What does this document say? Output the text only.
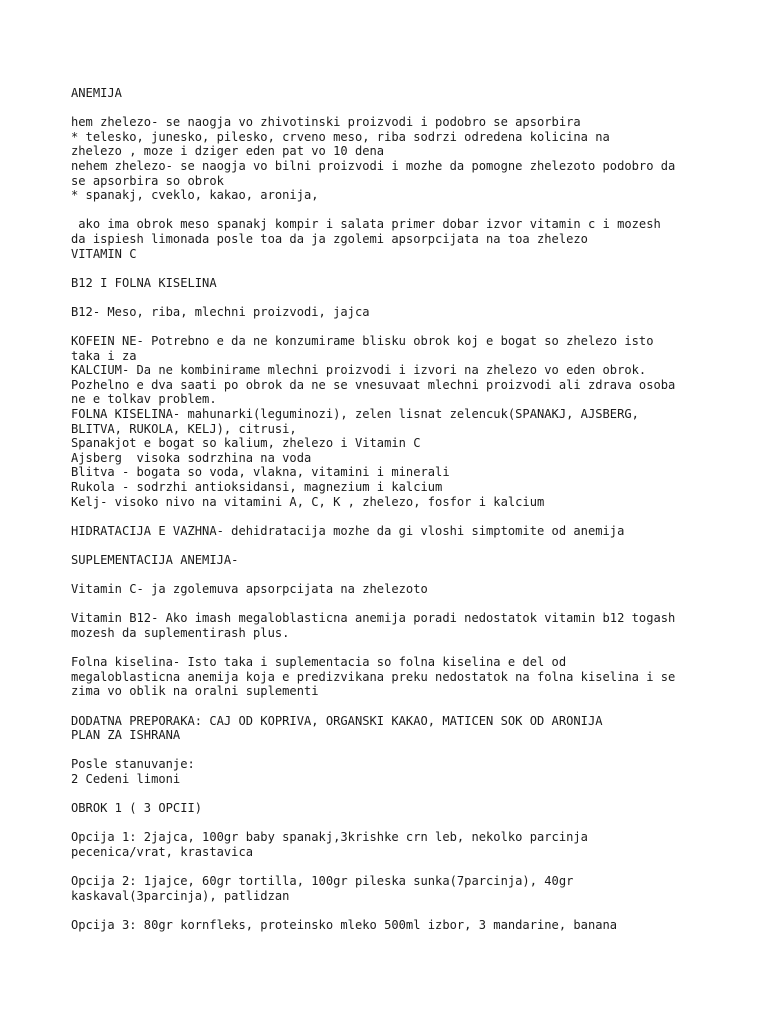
ANEMIJA
hem zhelezo- se naogja vo zhivotinski proizvodi i podobro se apsorbira
* telesko, junesko, pilesko, crveno meso, riba sodrzi odredena kolicina na
zhelezo , moze i dziger eden pat vo 10 dena
nehem zhelezo- se naogja vo bilni proizvodi i mozhe da pomogne zhelezoto podobro da
se apsorbira so obrok
* spanakj, cveklo, kakao, aronija,
ako ima obrok meso spanakj kompir i salata primer dobar izvor vitamin c i mozesh
da ispiesh limonada posle toa da ja zgolemi apsorpcijata na toa zhelezo
VITAMIN C
B12 I FOLNA KISELINA
B12- Meso, riba, mlechni proizvodi, jajca
KOFEIN NE- Potrebno e da ne konzumirame blisku obrok koj e bogat so zhelezo isto
taka i za
KALCIUM- Da ne kombinirame mlechni proizvodi i izvori na zhelezo vo eden obrok.
Pozhelno e dva saati po obrok da ne se vnesuvaat mlechni proizvodi ali zdrava osoba
ne e tolkav problem.
FOLNA KISELINA- mahunarki(leguminozi), zelen lisnat zelencuk(SPANAKJ, AJSBERG,
BLITVA, RUKOLA, KELJ), citrusi,
Spanakjot e bogat so kalium, zhelezo i Vitamin C
Ajsberg  visoka sodrzhina na voda
Blitva - bogata so voda, vlakna, vitamini i minerali
Rukola - sodrzhi antioksidansi, magnezium i kalcium
Kelj- visoko nivo na vitamini A, C, K , zhelezo, fosfor i kalcium
HIDRATACIJA E VAZHNA- dehidratacija mozhe da gi vloshi simptomite od anemija
SUPLEMENTACIJA ANEMIJA-
Vitamin C- ja zgolemuva apsorpcijata na zhelezoto
Vitamin B12- Ako imash megaloblasticna anemija poradi nedostatok vitamin b12 togash
mozesh da suplementirash plus.
Folna kiselina- Isto taka i suplementacia so folna kiselina e del od
megaloblasticna anemija koja e predizvikana preku nedostatok na folna kiselina i se
zima vo oblik na oralni suplementi
DODATNA PREPORAKA: CAJ OD KOPRIVA, ORGANSKI KAKAO, MATICEN SOK OD ARONIJA
PLAN ZA ISHRANA
Posle stanuvanje:
2 Cedeni limoni
OBROK 1 ( 3 OPCII)
Opcija 1: 2jajca, 100gr baby spanakj,3krishke crn leb, nekolko parcinja
pecenica/vrat, krastavica
Opcija 2: 1jajce, 60gr tortilla, 100gr pileska sunka(7parcinja), 40gr
kaskaval(3parcinja), patlidzan
Opcija 3: 80gr kornfleks, proteinsko mleko 500ml izbor, 3 mandarine, banana
